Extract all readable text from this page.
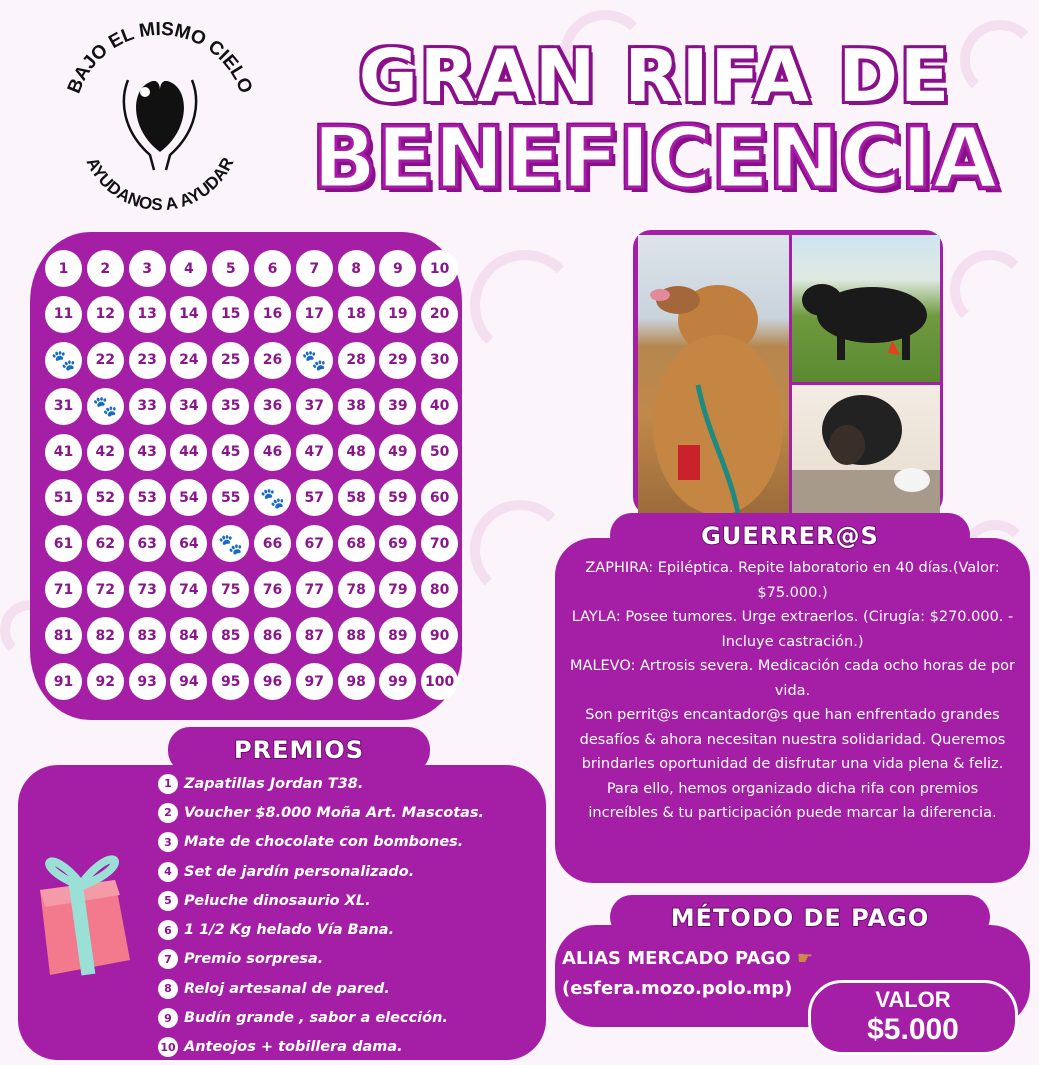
BAJO EL MISMO CIELO
AYUDANOS A AYUDAR
GRAN RIFA DE
BENEFICENCIA
1	2	3	4	5	6	7	8	9	10
11	12	13	14	15	16	17	18	19	20
🐾	22	23	24	25	26 🐾	28	29	30
31 🐾	33	34	35	36	37	38	39	40
41	42	43	44	45	46	47	48	49	50
51	52	53	54	55 🐾	57	58	59	60
61	62	63	64 🐾	66	67	68	69	70
71	72	73	74	75	76	77	78	79	80
81	82	83	84	85	86	87	88	89	90
91	92	93	94	95	96	97	98	99	100
GUERRER@S

ZAPHIRA: Epiléptica. Repite laboratorio en 40 días.(Valor: $75.000.)

LAYLA: Posee tumores. Urge extraerlos. (Cirugía: $270.000. - Incluye castración.)

MALEVO: Artrosis severa. Medicación cada ocho horas de por vida.

Son perrit@s encantador@s que han enfrentado grandes desafíos & ahora necesitan nuestra solidaridad. Queremos brindarles oportunidad de disfrutar una vida plena & feliz. Para ello, hemos organizado dicha rifa con premios increíbles & tu participación puede marcar la diferencia.

PREMIOS
1 Zapatillas Jordan T38.
2 Voucher $8.000 Moña Art. Mascotas.
3 Mate de chocolate con bombones.
4 Set de jardín personalizado.
5 Peluche dinosaurio XL.
6 1 1/2 Kg helado Vía Bana.
7 Premio sorpresa.
8 Reloj artesanal de pared.
9 Budín grande , sabor a elección.
10 Anteojos + tobillera dama.
MÉTODO DE PAGO
ALIAS MERCADO PAGO ☛
(esfera.mozo.polo.mp)	VALOR
$5.000
